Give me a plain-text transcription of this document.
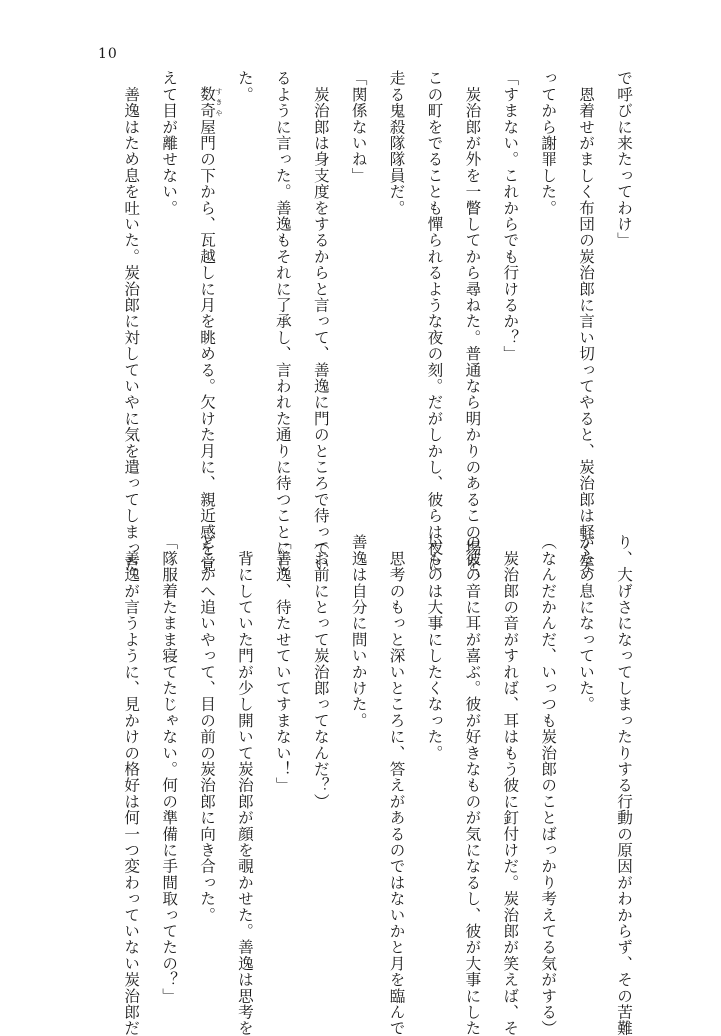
10
で呼びに来たってわけ」
　恩着せがましく布団の炭治郎に言い切ってやると、炭治郎は軽く笑
ってから謝罪した。
「すまない。これからでも行けるか？」
　炭治郎が外を一瞥してから尋ねた。普通なら明かりのあるこの場を、
この町をでることも憚られるような夜の刻。だがしかし、彼らは夜に
走る鬼殺隊隊員だ。
「関係ないね」
　炭治郎は身支度をするからと言って、善逸に門のところで待ってい
るように言った。善逸もそれに了承し、言われた通りに待つことにし
た。
　数奇 すきや屋門の下から、瓦越しに月を眺める。欠けた月に、親近感を覚
えて目が離せない。
　善逸はため息を吐いた。炭治郎に対していやに気を遣ってしまった
り、大げさになってしまったりする行動の原因がわからず、その苦難
がため息になっていた。
（なんだかんだ、いっつも炭治郎のことばっかり考えてる気がする）
　炭治郎の音がすれば、耳はもう彼に釘付けだ。炭治郎が笑えば、そ
の彼の音に耳が喜ぶ。彼が好きなものが気になるし、彼が大事にした
いものは大事にしたくなった。
　思考のもっと深いところに、答えがあるのではないかと月を臨んで
善逸は自分に問いかけた。
（お前にとって炭治郎ってなんだ？）
「善逸、待たせていてすまない！」
　背にしていた門が少し開いて炭治郎が顔を覗かせた。善逸は思考を
どこかへ追いやって、目の前の炭治郎に向き合った。
「隊服着たまま寝てたじゃない。何の準備に手間取ってたの？」
　善逸が言うように、見かけの格好は何一つ変わっていない炭治郎だ
